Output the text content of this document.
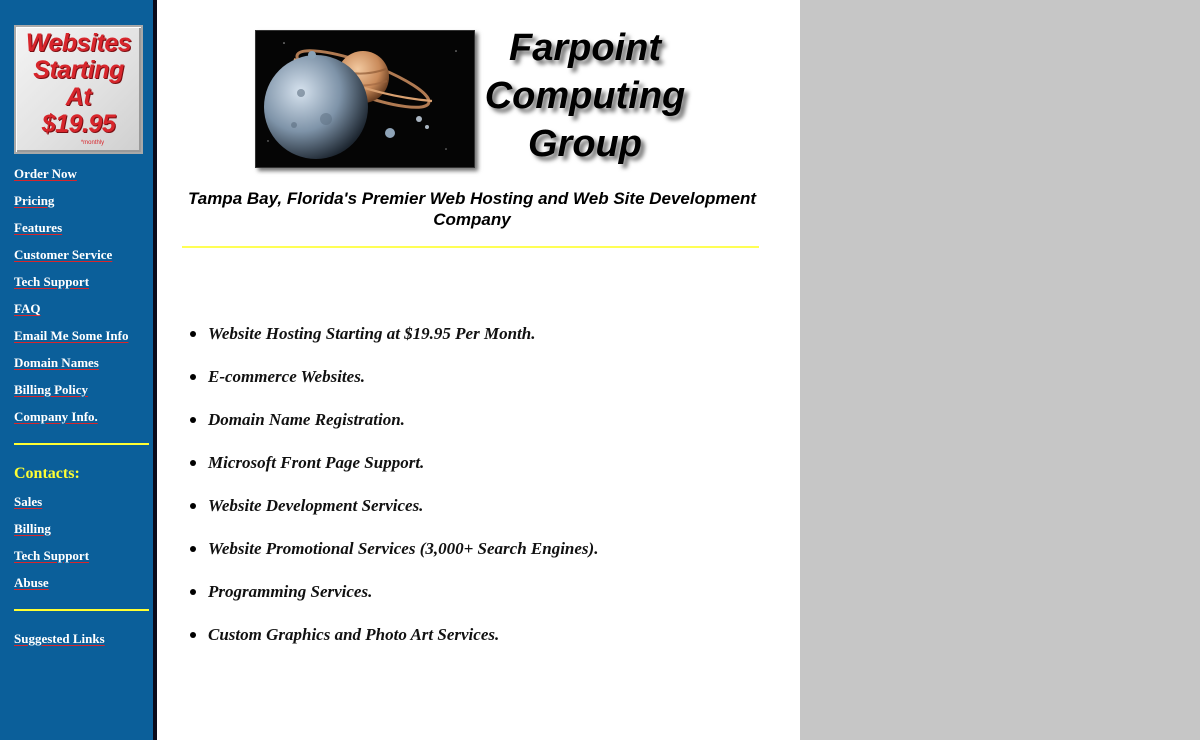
Websites
Starting
At
$19.95
*monthly
Order Now
Pricing
Features
Customer Service
Tech Support
FAQ
Email Me Some Info
Domain Names
Billing Policy
Company Info.
Contacts:
Sales
Billing
Tech Support
Abuse
Suggested Links
Farpoint
Computing
Group
Tampa Bay, Florida's Premier Web Hosting and Web Site Development Company
Website Hosting Starting at $19.95 Per Month.
E-commerce Websites.
Domain Name Registration.
Microsoft Front Page Support.
Website Development Services.
Website Promotional Services (3,000+ Search Engines).
Programming Services.
Custom Graphics and Photo Art Services.
